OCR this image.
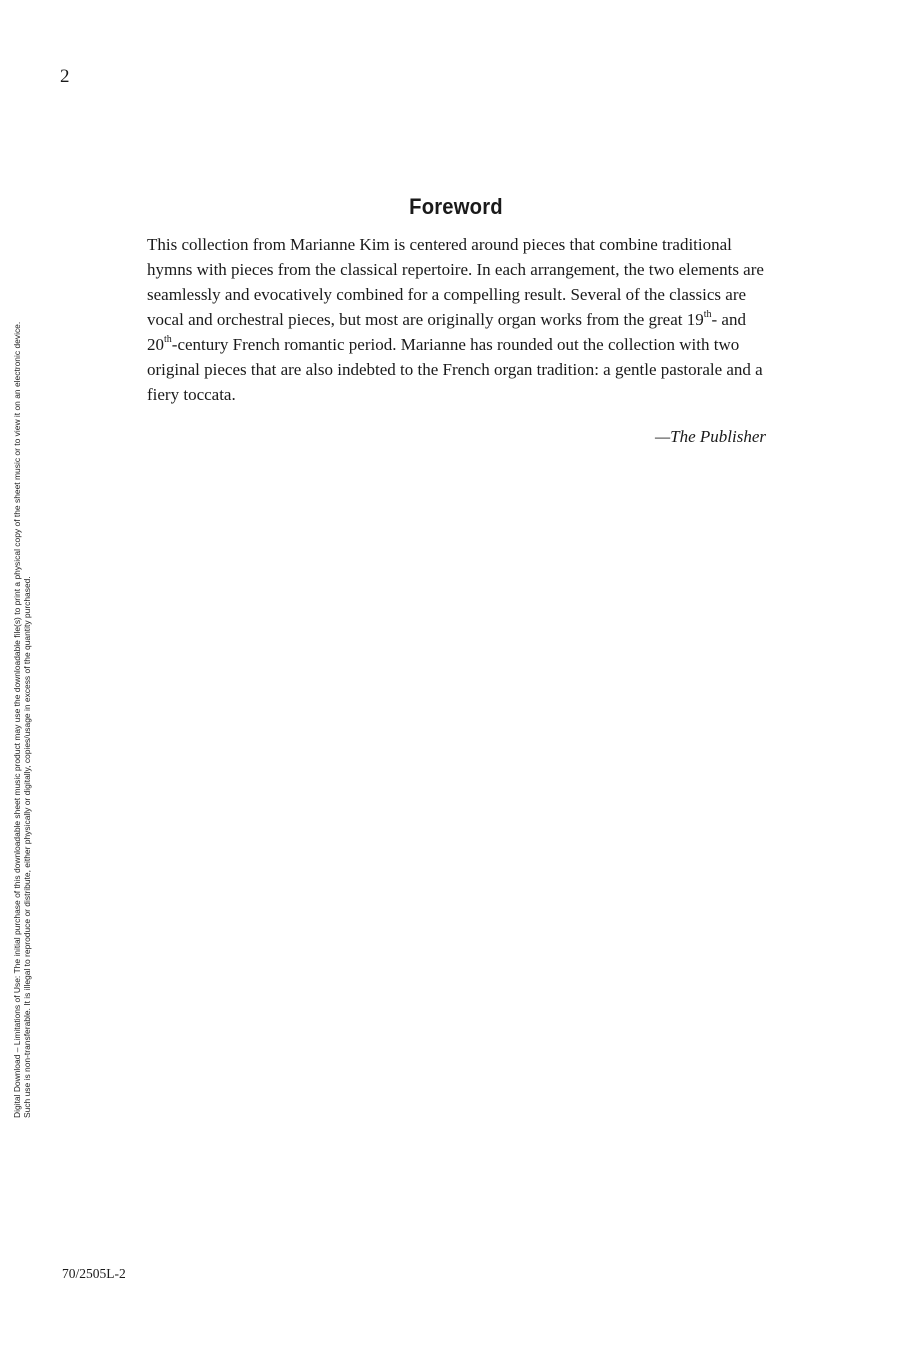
2
Digital Download – Limitations of Use: The initial purchase of this downloadable sheet music product may use the downloadable file(s) to print a physical copy of the sheet music or to view it on an electronic device. Such use is non-transferable. It is illegal to reproduce or distribute, either physically or digitally, copies/usage in excess of the quantity purchased.
Foreword
This collection from Marianne Kim is centered around pieces that combine traditional
hymns with pieces from the classical repertoire. In each arrangement, the two elements are
seamlessly and evocatively combined for a compelling result. Several of the classics are
vocal and orchestral pieces, but most are originally organ works from the great 19th- and
20th-century French romantic period. Marianne has rounded out the collection with two
original pieces that are also indebted to the French organ tradition: a gentle pastorale and a
fiery toccata.
—The Publisher
70/2505L-2
